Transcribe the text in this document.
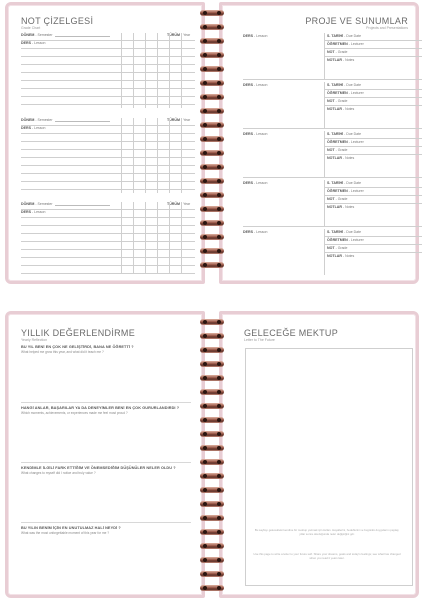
NOT ÇİZELGESİ
Grade Chart
DÖNEM - Semester	TÜRÜM - Year
DERS - Lesson
DÖNEM - Semester	TÜRÜM - Year
DERS - Lesson
DÖNEM - Semester	TÜRÜM - Year
DERS - Lesson
PROJE VE SUNUMLAR
Projects and Presentations
DERS - Lesson	S. TARİHİ - Due Date
ÖĞRETMEN - Lecturer
NOT - Grade
NOTLAR - Notes
DERS - Lesson	S. TARİHİ - Due Date
ÖĞRETMEN - Lecturer
NOT - Grade
NOTLAR - Notes
DERS - Lesson	S. TARİHİ - Due Date
ÖĞRETMEN - Lecturer
NOT - Grade
NOTLAR - Notes
DERS - Lesson	S. TARİHİ - Due Date
ÖĞRETMEN - Lecturer
NOT - Grade
NOTLAR - Notes
DERS - Lesson	S. TARİHİ - Due Date
ÖĞRETMEN - Lecturer
NOT - Grade
NOTLAR - Notes
YILLIK DEĞERLENDİRME
Yearly Reflection
BU YIL BENİ EN ÇOK NE GELİŞTİRDİ, BANA NE ÖĞRETTİ ?
What helped me grow this year, and what did it teach me ?
HANGİ ANLAR, BAŞARILAR YA DA DENEYİMLER BENİ EN ÇOK GURURLANDIRDI ?
Which moments, achievements, or experiences made me feel most proud ?
KENDİMLE İLGİLİ FARK ETTİĞİM VE ÖNEMSEDİĞİM DÜŞÜNÜLER NELER OLDU ?
What changes to myself did I notice and truly value ?
BU YILIN BENİM İÇİN EN UNUTULMAZ HALİ NEYDİ ?
What was the most unforgettable moment of this year for me ?
GELECEĞE MEKTUP
Letter to The Future
Bu sayfayı gelecekteki kendine bir mektup yazmak için kullan. Hayallerini, hedeflerini ve bugünkü duygularını paylaş; yıllar sonra okuduğunda neler değiştiğini gör.
Use this page to write a letter to your future self. Share your dreams, goals and today's feelings; see what has changed when you read it years later.
